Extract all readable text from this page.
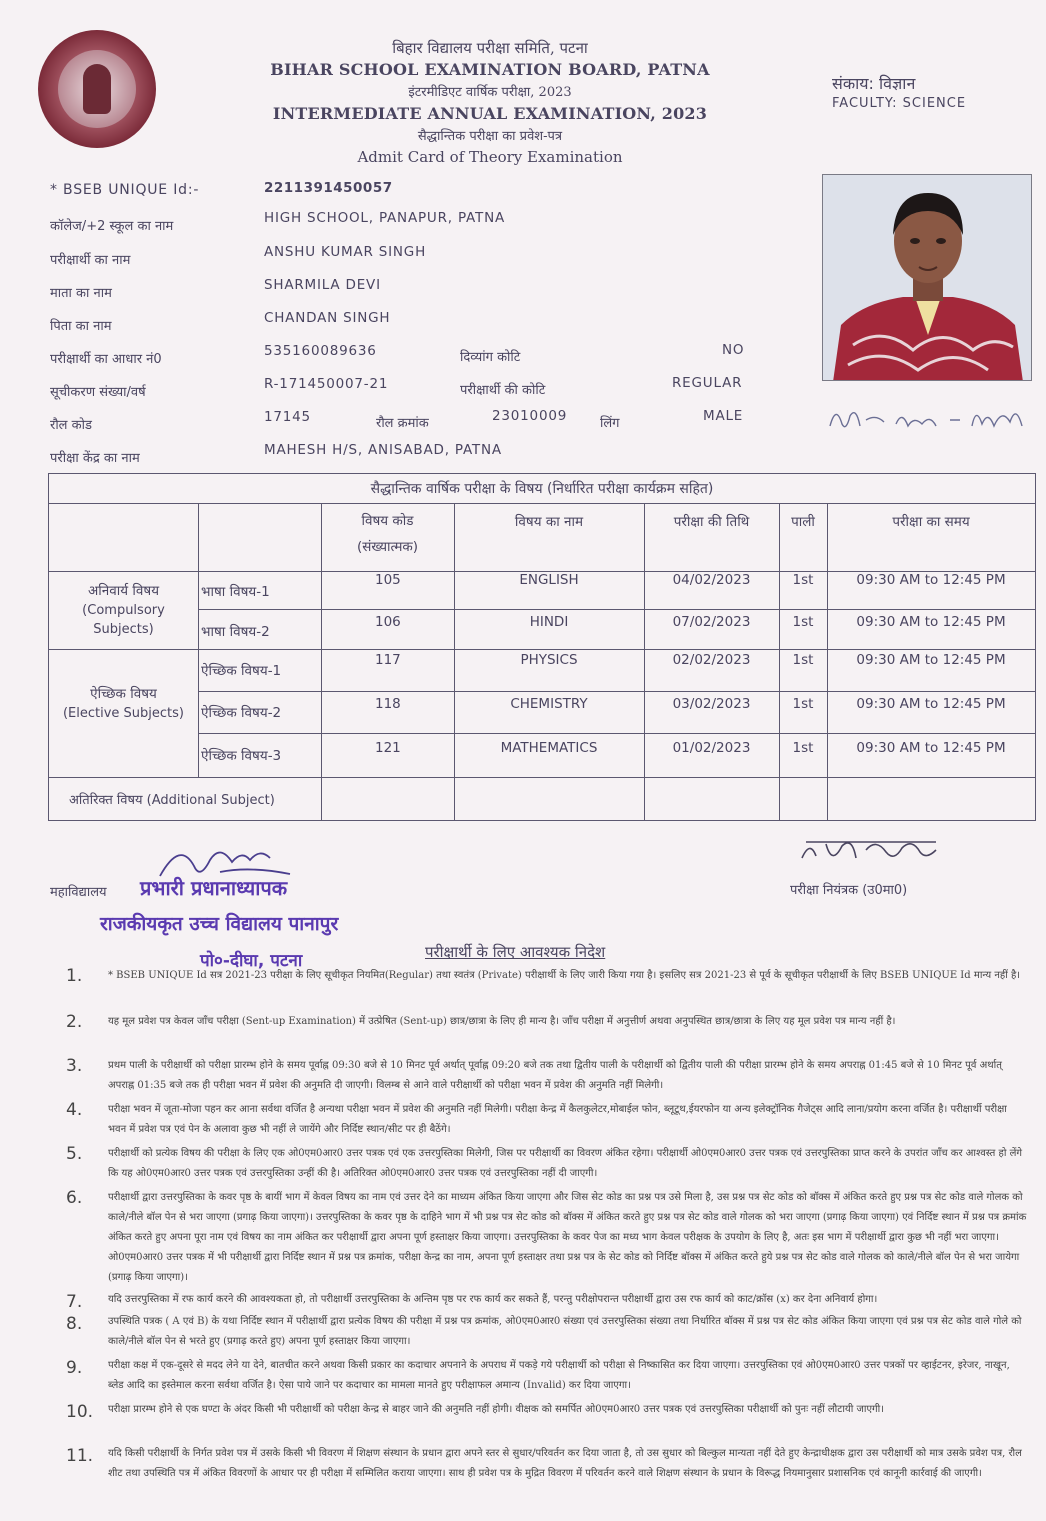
बिहार विद्यालय परीक्षा समिति, पटना
BIHAR SCHOOL EXAMINATION BOARD, PATNA
इंटरमीडिएट वार्षिक परीक्षा, 2023
INTERMEDIATE ANNUAL EXAMINATION, 2023
सैद्धान्तिक परीक्षा का प्रवेश-पत्र
Admit Card of Theory Examination
संकाय: विज्ञान
FACULTY: SCIENCE
* BSEB UNIQUE Id:-	2211391450057
कॉलेज/+2 स्कूल का नाम
HIGH SCHOOL, PANAPUR, PATNA
परीक्षार्थी का नाम
ANSHU KUMAR SINGH
माता का नाम
SHARMILA DEVI
पिता का नाम
CHANDAN SINGH
परीक्षार्थी का आधार नं0
535160089636	दिव्यांग कोटि	NO
सूचीकरण संख्या/वर्ष
R-171450007-21	परीक्षार्थी की कोटि	REGULAR
रौल कोड
17145	रौल क्रमांक	23010009	लिंग	MALE
परीक्षा केंद्र का नाम
MAHESH H/S, ANISABAD, PATNA
सैद्धान्तिक वार्षिक परीक्षा के विषय (निर्धारित परीक्षा कार्यक्रम सहित)
विषय कोड
(संख्यात्मक)
विषय का नाम	परीक्षा की तिथि	पाली	परीक्षा का समय
अनिवार्य विषय
(Compulsory Subjects)
ऐच्छिक विषय
(Elective Subjects)
भाषा विषय-1
105	ENGLISH	04/02/2023	1st	09:30 AM to 12:45 PM
भाषा विषय-2
106	HINDI	07/02/2023	1st	09:30 AM to 12:45 PM
ऐच्छिक विषय-1
117	PHYSICS	02/02/2023	1st	09:30 AM to 12:45 PM
ऐच्छिक विषय-2
118	CHEMISTRY	03/02/2023	1st	09:30 AM to 12:45 PM
ऐच्छिक विषय-3	121	MATHEMATICS	01/02/2023	1st	09:30 AM to 12:45 PM
अतिरिक्त विषय (Additional Subject)
महाविद्यालय प्रभारी प्रधानाध्यापक
राजकीयकृत उच्च विद्यालय पानापुर
पो०-दीघा, पटना
परीक्षा नियंत्रक (उ0मा0)
परीक्षार्थी के लिए आवश्यक निदेश
1.	* BSEB UNIQUE Id सत्र 2021-23 परीक्षा के लिए सूचीकृत नियमित(Regular) तथा स्वतंत्र (Private) परीक्षार्थी के लिए जारी किया गया है। इसलिए सत्र 2021-23 से पूर्व के सूचीकृत परीक्षार्थी के लिए BSEB UNIQUE Id मान्य नहीं है।
2.	यह मूल प्रवेश पत्र केवल जाँच परीक्षा (Sent-up Examination) में उत्प्रेषित (Sent-up) छात्र/छात्रा के लिए ही मान्य है। जाँच परीक्षा में अनुत्तीर्ण अथवा अनुपस्थित छात्र/छात्रा के लिए यह मूल प्रवेश पत्र मान्य नहीं है।
3.	प्रथम पाली के परीक्षार्थी को परीक्षा प्रारम्भ होने के समय पूर्वाह्न 09:30 बजे से 10 मिनट पूर्व अर्थात् पूर्वाह्न 09:20 बजे तक तथा द्वितीय पाली के परीक्षार्थी को द्वितीय पाली की परीक्षा प्रारम्भ होने के समय अपराह्न 01:45 बजे से 10 मिनट पूर्व अर्थात् अपराह्न 01:35 बजे तक ही परीक्षा भवन में प्रवेश की अनुमति दी जाएगी। विलम्ब से आने वाले परीक्षार्थी को परीक्षा भवन में प्रवेश की अनुमति नहीं मिलेगी।
4.	परीक्षा भवन में जूता-मोजा पहन कर आना सर्वथा वर्जित है अन्यथा परीक्षा भवन में प्रवेश की अनुमति नहीं मिलेगी। परीक्षा केन्द्र में कैलकुलेटर,मोबाईल फोन, ब्लूटूथ,ईयरफोन या अन्य इलेक्ट्रॉनिक गैजेट्स आदि लाना/प्रयोग करना वर्जित है। परीक्षार्थी परीक्षा भवन में प्रवेश पत्र एवं पेन के अलावा कुछ भी नहीं ले जायेंगे और निर्दिष्ट स्थान/सीट पर ही बैठेंगे।
5.	परीक्षार्थी को प्रत्येक विषय की परीक्षा के लिए एक ओ0एम0आर0 उत्तर पत्रक एवं एक उत्तरपुस्तिका मिलेगी, जिस पर परीक्षार्थी का विवरण अंकित रहेगा। परीक्षार्थी ओ0एम0आर0 उत्तर पत्रक एवं उत्तरपुस्तिका प्राप्त करने के उपरांत जाँच कर आश्वस्त हो लेंगे कि यह ओ0एम0आर0 उत्तर पत्रक एवं उत्तरपुस्तिका उन्हीं की है। अतिरिक्त ओ0एम0आर0 उत्तर पत्रक एवं उत्तरपुस्तिका नहीं दी जाएगी।
6.	परीक्षार्थी द्वारा उत्तरपुस्तिका के कवर पृष्ठ के बायीं भाग में केवल विषय का नाम एवं उत्तर देने का माध्यम अंकित किया जाएगा और जिस सेट कोड का प्रश्न पत्र उसे मिला है, उस प्रश्न पत्र सेट कोड को बॉक्स में अंकित करते हुए प्रश्न पत्र सेट कोड वाले गोलक को काले/नीले बॉल पेन से भरा जाएगा (प्रगाढ़ किया जाएगा)। उत्तरपुस्तिका के कवर पृष्ठ के दाहिने भाग में भी प्रश्न पत्र सेट कोड को बॉक्स में अंकित करते हुए प्रश्न पत्र सेट कोड वाले गोलक को भरा जाएगा (प्रगाढ़ किया जाएगा) एवं निर्दिष्ट स्थान में प्रश्न पत्र क्रमांक अंकित करते हुए अपना पूरा नाम एवं विषय का नाम अंकित कर परीक्षार्थी द्वारा अपना पूर्ण हस्ताक्षर किया जाएगा। उत्तरपुस्तिका के कवर पेज का मध्य भाग केवल परीक्षक के उपयोग के लिए है, अतः इस भाग में परीक्षार्थी द्वारा कुछ भी नहीं भरा जाएगा। ओ0एम0आर0 उत्तर पत्रक में भी परीक्षार्थी द्वारा निर्दिष्ट स्थान में प्रश्न पत्र क्रमांक, परीक्षा केन्द्र का नाम, अपना पूर्ण हस्ताक्षर तथा प्रश्न पत्र के सेट कोड को निर्दिष्ट बॉक्स में अंकित करते हुये प्रश्न पत्र सेट कोड वाले गोलक को काले/नीले बॉल पेन से भरा जायेगा (प्रगाढ़ किया जाएगा)।
7.	यदि उत्तरपुस्तिका में रफ कार्य करने की आवश्यकता हो, तो परीक्षार्थी उत्तरपुस्तिका के अन्तिम पृष्ठ पर रफ कार्य कर सकते हैं, परन्तु परीक्षोपरान्त परीक्षार्थी द्वारा उस रफ कार्य को काट/क्रॉस (x) कर देना अनिवार्य होगा।
8.	उपस्थिति पत्रक ( A एवं B) के यथा निर्दिष्ट स्थान में परीक्षार्थी द्वारा प्रत्येक विषय की परीक्षा में प्रश्न पत्र क्रमांक, ओ0एम0आर0 संख्या एवं उत्तरपुस्तिका संख्या तथा निर्धारित बॉक्स में प्रश्न पत्र सेट कोड अंकित किया जाएगा एवं प्रश्न पत्र सेट कोड वाले गोले को काले/नीले बॉल पेन से भरते हुए (प्रगाढ़ करते हुए) अपना पूर्ण हस्ताक्षर किया जाएगा।
9.	परीक्षा कक्ष में एक-दूसरे से मदद लेने या देने, बातचीत करने अथवा किसी प्रकार का कदाचार अपनाने के अपराध में पकड़े गये परीक्षार्थी को परीक्षा से निष्कासित कर दिया जाएगा। उत्तरपुस्तिका एवं ओ0एम0आर0 उत्तर पत्रकों पर व्हाईटनर, इरेजर, नाखून, ब्लेड आदि का इस्तेमाल करना सर्वथा वर्जित है। ऐसा पाये जाने पर कदाचार का मामला मानते हुए परीक्षाफल अमान्य (Invalid) कर दिया जाएगा।
10. परीक्षा प्रारम्भ होने से एक घण्टा के अंदर किसी भी परीक्षार्थी को परीक्षा केन्द्र से बाहर जाने की अनुमति नहीं होगी। वीक्षक को समर्पित ओ0एम0आर0 उत्तर पत्रक एवं उत्तरपुस्तिका परीक्षार्थी को पुनः नहीं लौटायी जाएगी।
11. यदि किसी परीक्षार्थी के निर्गत प्रवेश पत्र में उसके किसी भी विवरण में शिक्षण संस्थान के प्रधान द्वारा अपने स्तर से सुधार/परिवर्तन कर दिया जाता है, तो उस सुधार को बिल्कुल मान्यता नहीं देते हुए केन्द्राधीक्षक द्वारा उस परीक्षार्थी को मात्र उसके प्रवेश पत्र, रौल शीट तथा उपस्थिति पत्र में अंकित विवरणों के आधार पर ही परीक्षा में सम्मिलित कराया जाएगा। साथ ही प्रवेश पत्र के मुद्रित विवरण में परिवर्तन करने वाले शिक्षण संस्थान के प्रधान के विरूद्ध नियमानुसार प्रशासनिक एवं कानूनी कार्रवाई की जाएगी।
